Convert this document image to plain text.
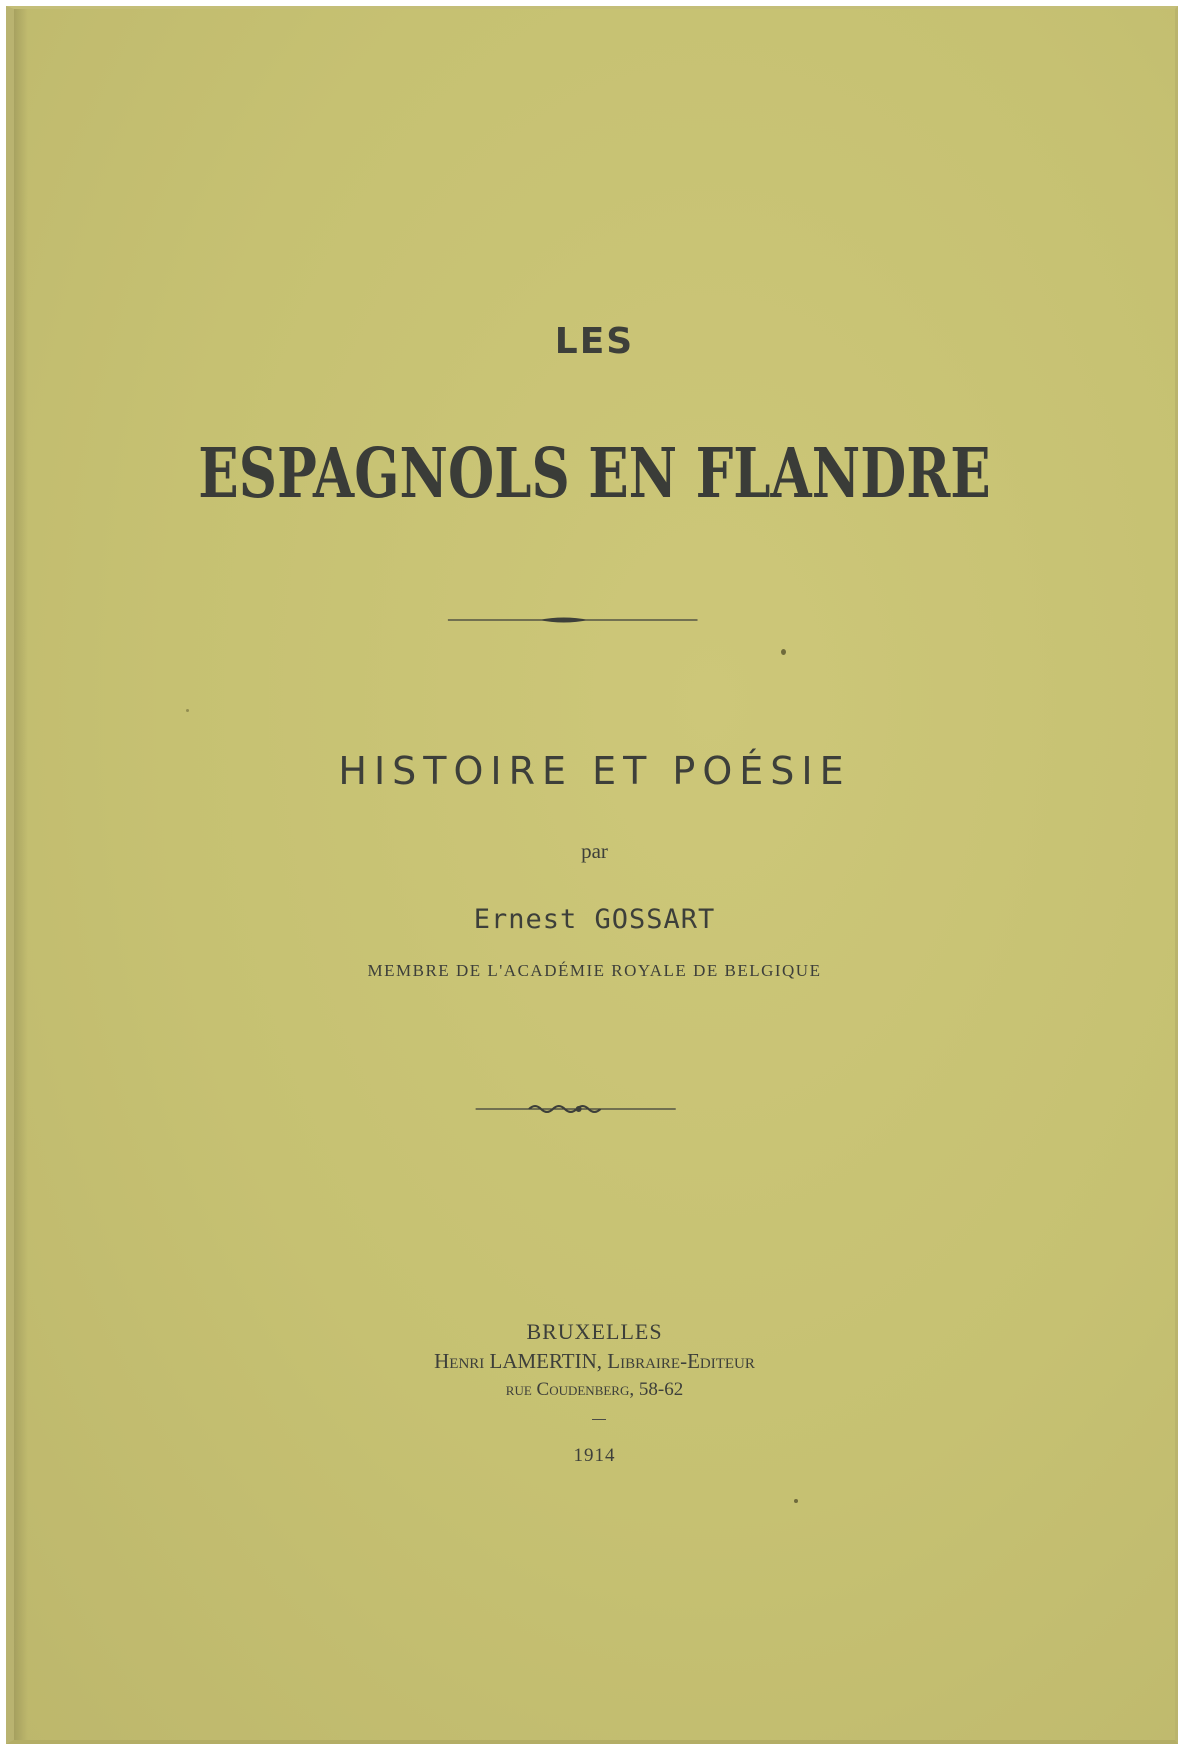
LES
ESPAGNOLS EN FLANDRE
HISTOIRE ET POÉSIE
par
Ernest GOSSART
MEMBRE DE L'ACADÉMIE ROYALE DE BELGIQUE
BRUXELLES
Henri LAMERTIN, Libraire-Editeur
rue Coudenberg, 58-62
1914
